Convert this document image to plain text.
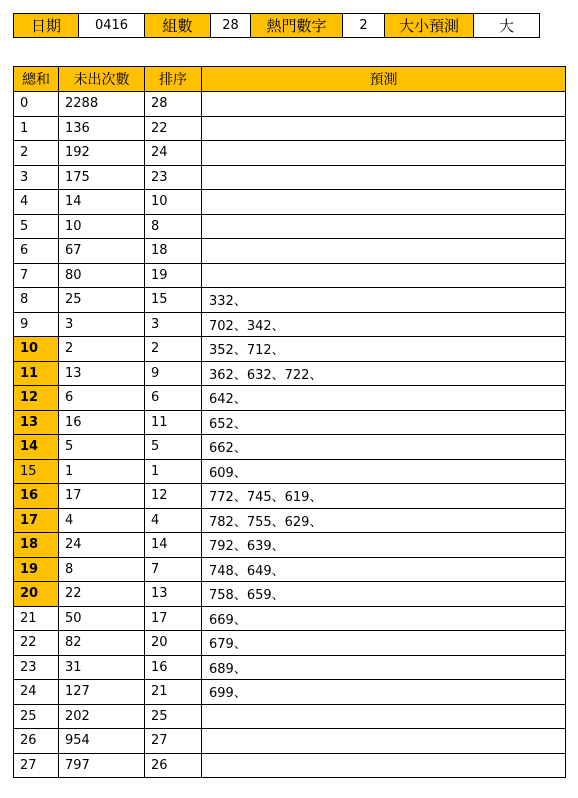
日期	0416	組數	28	熱門數字	2	大小預測	大
總和	未出次數	排序	預測
0	2288	28	
1	136	22	
2	192	24	
3	175	23	
4	14	10	
5	10	8	
6	67	18	
7	80	19	
8	25	15	332、
9	3	3	702、342、
10	2	2	352、712、
11	13	9	362、632、722、
12	6	6	642、
13	16	11	652、
14	5	5	662、
15	1	1	609、
16	17	12	772、745、619、
17	4	4	782、755、629、
18	24	14	792、639、
19	8	7	748、649、
20	22	13	758、659、
21	50	17	669、
22	82	20	679、
23	31	16	689、
24	127	21	699、
25	202	25	
26	954	27	
27	797	26	
